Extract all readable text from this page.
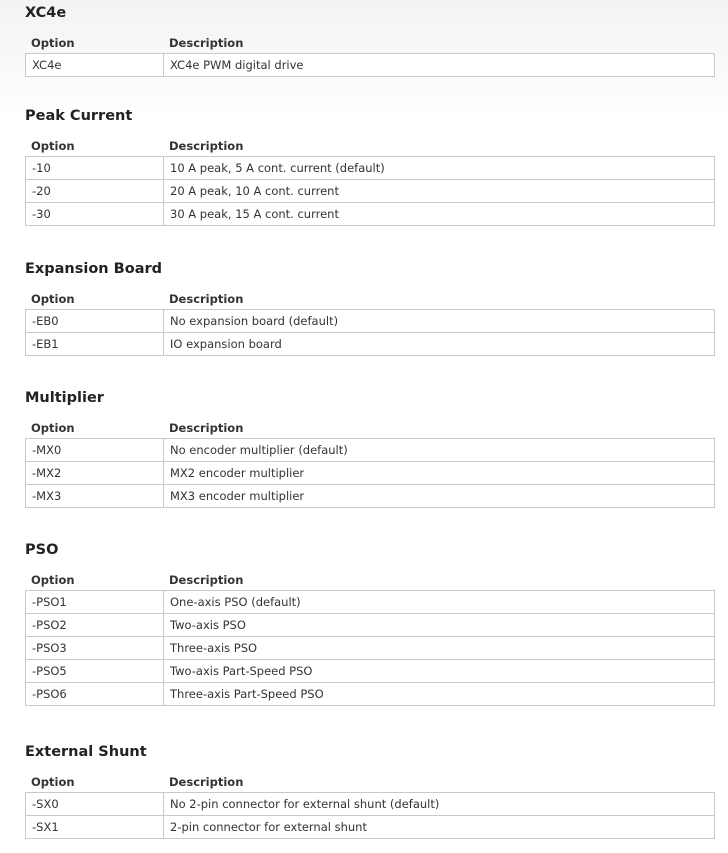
XC4e
Option	Description
XC4e	XC4e PWM digital drive
Peak Current
Option	Description
-10	10 A peak, 5 A cont. current (default)
-20	20 A peak, 10 A cont. current
-30	30 A peak, 15 A cont. current
Expansion Board
Option	Description
-EB0	No expansion board (default)
-EB1	IO expansion board
Multiplier
Option	Description
-MX0	No encoder multiplier (default)
-MX2	MX2 encoder multiplier
-MX3	MX3 encoder multiplier
PSO
Option	Description
-PSO1	One-axis PSO (default)
-PSO2	Two-axis PSO
-PSO3	Three-axis PSO
-PSO5	Two-axis Part-Speed PSO
-PSO6	Three-axis Part-Speed PSO
External Shunt
Option	Description
-SX0	No 2-pin connector for external shunt (default)
-SX1	2-pin connector for external shunt
